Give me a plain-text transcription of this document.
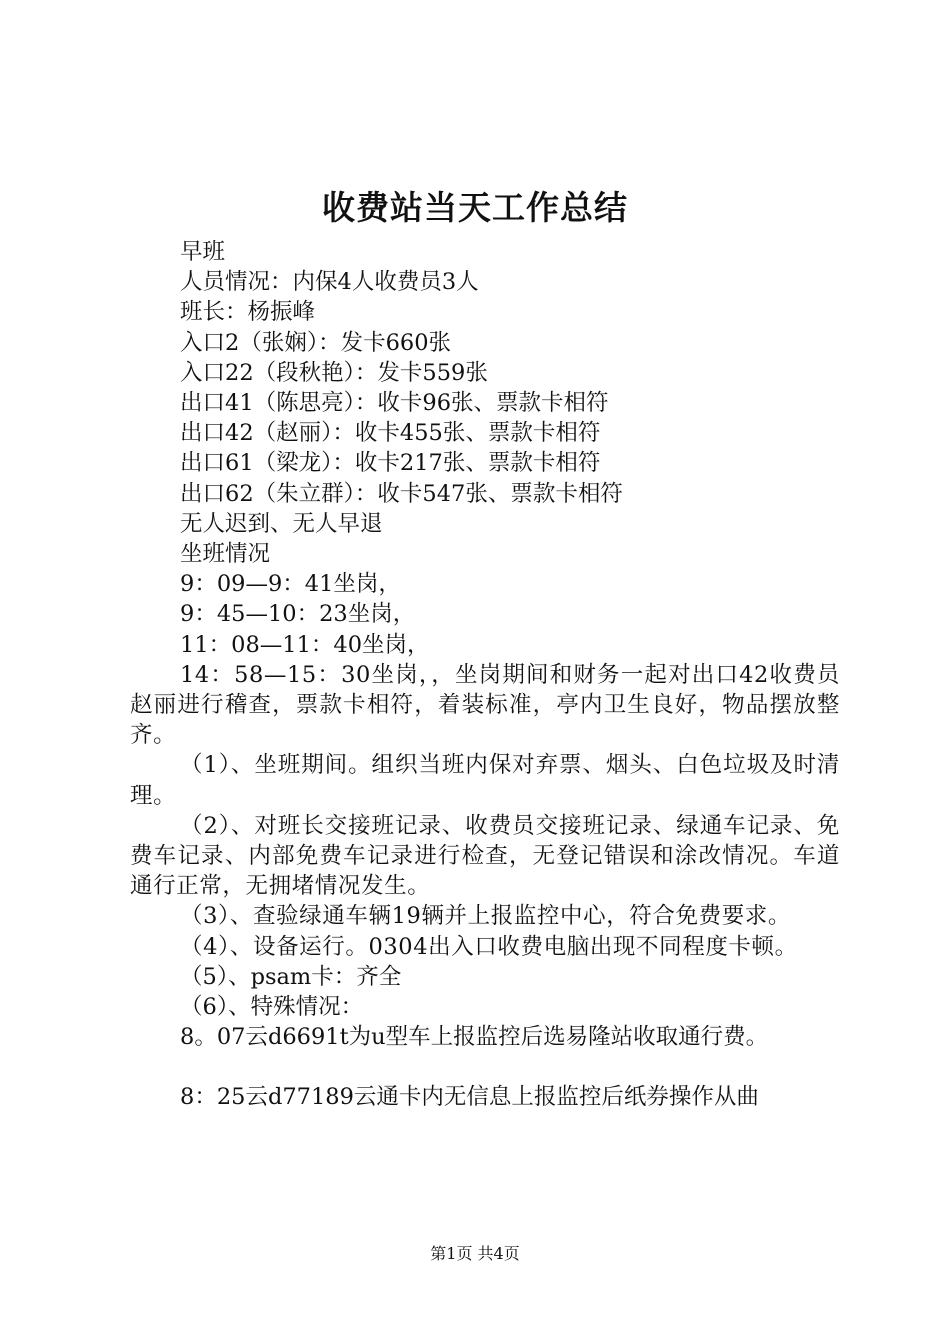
收费站当天工作总结

早班

人员情况：内保4人收费员3人

班长：杨振峰

入口2（张娴）：发卡660张

入口22（段秋艳）：发卡559张

出口41（陈思亮）：收卡96张、票款卡相符

出口42（赵丽）：收卡455张、票款卡相符

出口61（梁龙）：收卡217张、票款卡相符

出口62（朱立群）：收卡547张、票款卡相符

无人迟到、无人早退

坐班情况

9：09—9：41坐岗，

9：45—10：23坐岗，

11：08—11：40坐岗，

14：58—15：30坐岗，，坐岗期间和财务一起对出口42收费员赵丽进行稽查，票款卡相符，着装标准，亭内卫生良好，物品摆放整齐。

（1）、坐班期间。组织当班内保对弃票、烟头、白色垃圾及时清理。

（2）、对班长交接班记录、收费员交接班记录、绿通车记录、免费车记录、内部免费车记录进行检查，无登记错误和涂改情况。车道通行正常，无拥堵情况发生。

（3）、查验绿通车辆19辆并上报监控中心，符合免费要求。

（4）、设备运行。0304出入口收费电脑出现不同程度卡顿。

（5）、psam卡：齐全

（6）、特殊情况：

8。07云d6691t为u型车上报监控后选易隆站收取通行费。

8：25云d77189云通卡内无信息上报监控后纸券操作从曲

第1页 共4页
